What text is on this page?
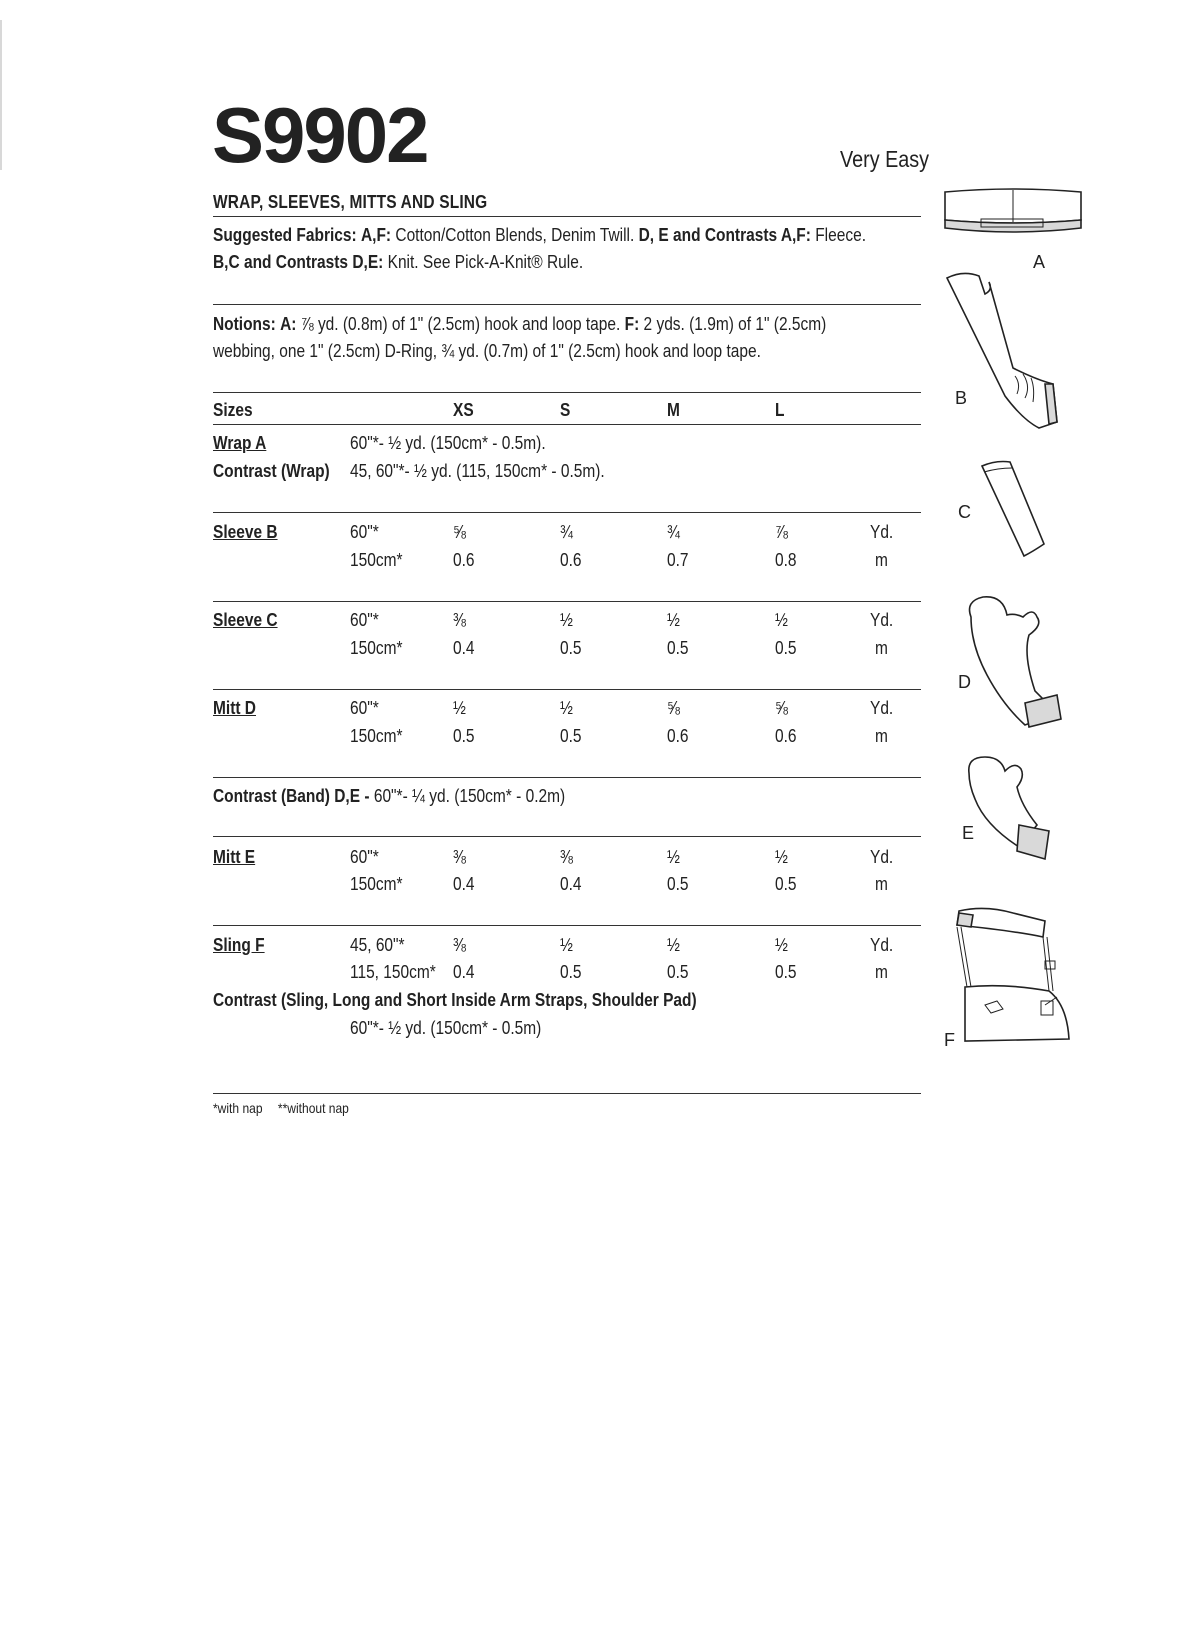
S9902	Very Easy
WRAP, SLEEVES, MITTS AND SLING
Suggested Fabrics: A,F: Cotton/Cotton Blends, Denim Twill. D, E and Contrasts A,F: Fleece.
B,C and Contrasts D,E: Knit. See Pick-A-Knit® Rule.
Notions: A: ⅞ yd. (0.8m) of 1" (2.5cm) hook and loop tape. F: 2 yds. (1.9m) of 1" (2.5cm)
webbing, one 1" (2.5cm) D-Ring, ¾ yd. (0.7m) of 1" (2.5cm) hook and loop tape.
Sizes	XS	S	M	L
Wrap A	60"*- ½ yd. (150cm* - 0.5m).
Contrast (Wrap) 45, 60"*- ½ yd. (115, 150cm* - 0.5m).
Sleeve B	60"*	⅝	¾	¾	⅞	Yd.
150cm*	0.6	0.6	0.7	0.8	m
Sleeve C	60"*	⅜	½	½	½	Yd.
150cm*	0.4	0.5	0.5	0.5	m
Mitt D	60"*	½	½	⅝	⅝	Yd.
150cm*	0.5	0.5	0.6	0.6	m
Contrast (Band) D,E - 60"*- ¼ yd. (150cm* - 0.2m)
Mitt E	60"*	⅜	⅜	½	½	Yd.
150cm*	0.4	0.4	0.5	0.5	m
Sling F	45, 60"*	⅜	½	½	½	Yd.
115, 150cm* 0.4	0.5	0.5	0.5	m
Contrast (Sling, Long and Short Inside Arm Straps, Shoulder Pad)
60"*- ½ yd. (150cm* - 0.5m)
*with nap **without nap
A
B
C
D
E
F
